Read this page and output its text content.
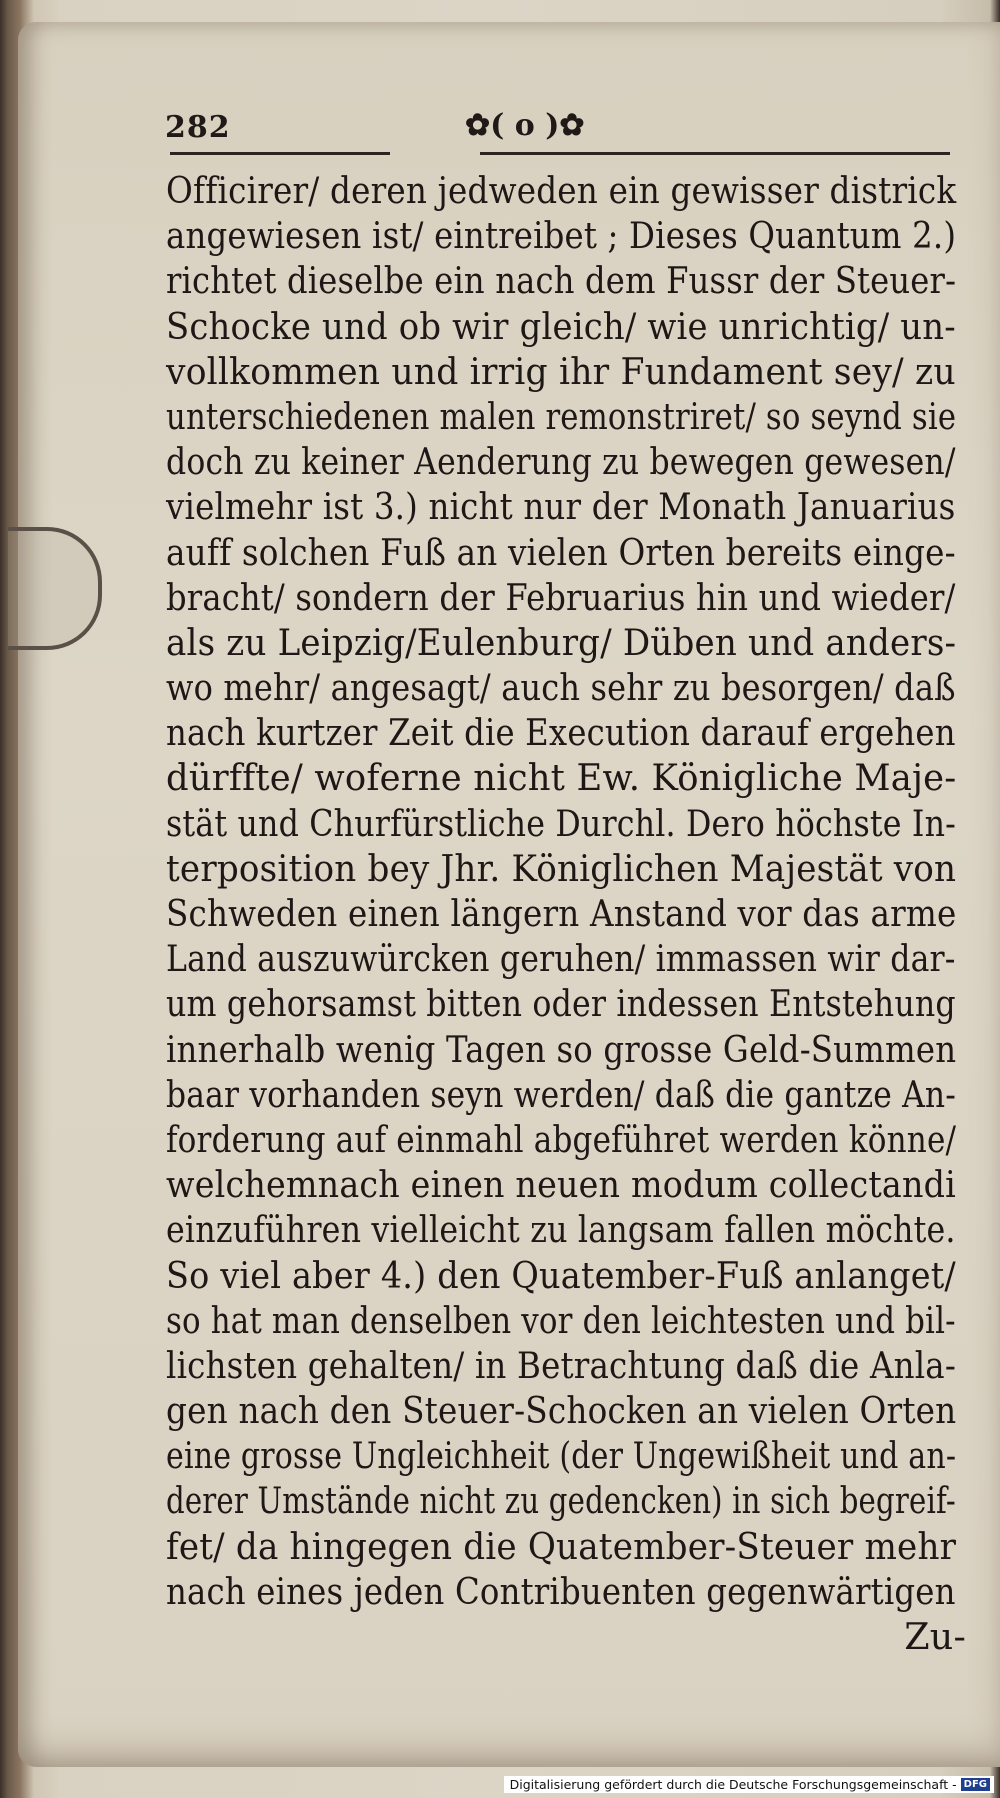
282	✿( o )✿
Officirer/ deren jedweden ein gewisser districk
angewiesen ist/ eintreibet ; Dieses Quantum 2.)
richtet dieselbe ein nach dem Fussr der Steuer-
Schocke und ob wir gleich/ wie unrichtig/ un-
vollkommen und irrig ihr Fundament sey/ zu
unterschiedenen malen remonstriret/ so seynd sie
doch zu keiner Aenderung zu bewegen gewesen/
vielmehr ist 3.) nicht nur der Monath Januarius
auff solchen Fuß an vielen Orten bereits einge-
bracht/ sondern der Februarius hin und wieder/
als zu Leipzig/Eulenburg/ Düben und anders-
wo mehr/ angesagt/ auch sehr zu besorgen/ daß
nach kurtzer Zeit die Execution darauf ergehen
dürffte/ woferne nicht Ew. Königliche Maje-
stät und Churfürstliche Durchl. Dero höchste In-
terposition bey Jhr. Königlichen Majestät von
Schweden einen längern Anstand vor das arme
Land auszuwürcken geruhen/ immassen wir dar-
um gehorsamst bitten oder indessen Entstehung
innerhalb wenig Tagen so grosse Geld-Summen
baar vorhanden seyn werden/ daß die gantze An-
forderung auf einmahl abgeführet werden könne/
welchemnach einen neuen modum collectandi
einzuführen vielleicht zu langsam fallen möchte.
So viel aber 4.) den Quatember-Fuß anlanget/
so hat man denselben vor den leichtesten und bil-
lichsten gehalten/ in Betrachtung daß die Anla-
gen nach den Steuer-Schocken an vielen Orten
eine grosse Ungleichheit (der Ungewißheit und an-
derer Umstände nicht zu gedencken) in sich begreif-
fet/ da hingegen die Quatember-Steuer mehr
nach eines jeden Contribuenten gegenwärtigen
Zu-
Digitalisierung gefördert durch die Deutsche Forschungsgemeinschaft - DFG
